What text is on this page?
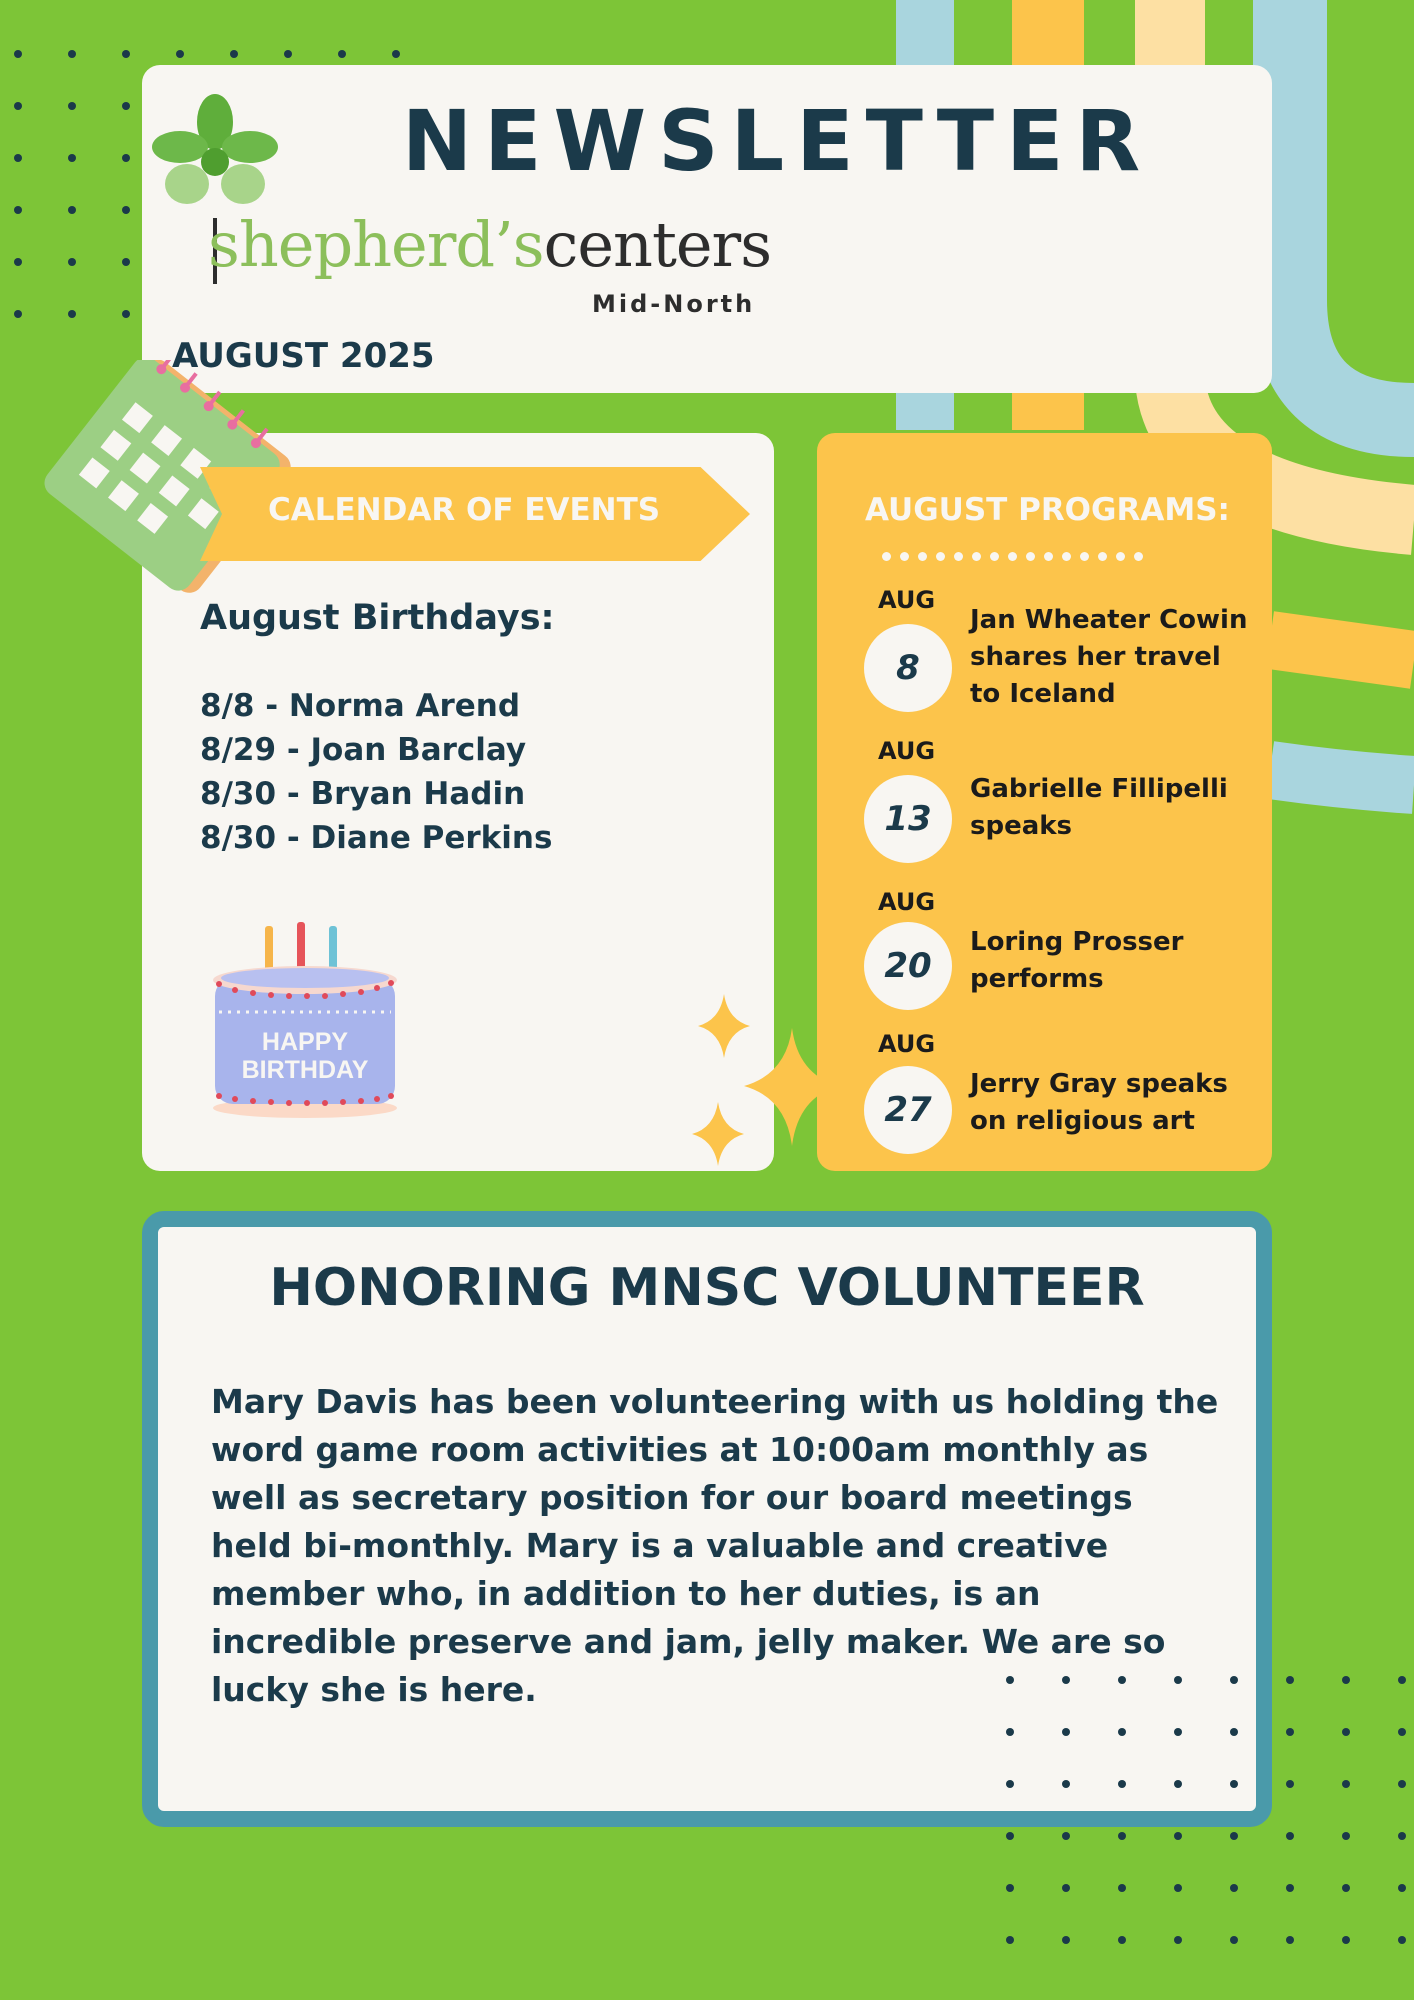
NEWSLETTER
shepherd’scenters
Mid-North
AUGUST 2025
CALENDAR OF EVENTS
August Birthdays:
8/8 - Norma Arend
8/29 - Joan Barclay
8/30 - Bryan Hadin
8/30 - Diane Perkins
HAPPY
BIRTHDAY
AUGUST PROGRAMS:
AUG
8
Jan Wheater Cowin shares her travel to Iceland
AUG
13
Gabrielle Fillipelli speaks
AUG
20
Loring Prosser performs
AUG
27
Jerry Gray speaks on religious art
HONORING MNSC VOLUNTEER

Mary Davis has been volunteering with us holding the word game room activities at 10:00am monthly as well as secretary position for our board meetings held bi-monthly. Mary is a valuable and creative member who, in addition to her duties, is an incredible preserve and jam, jelly maker. We are so lucky she is here.
